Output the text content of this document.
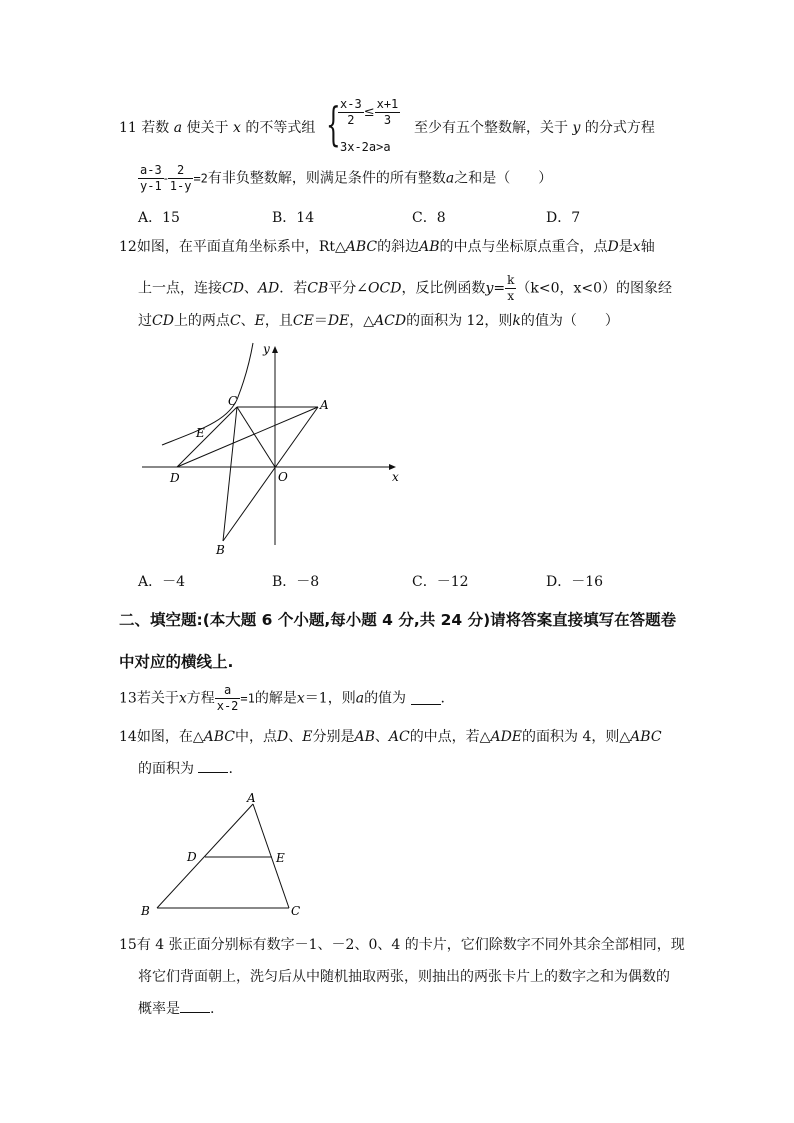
11 若数 a 使关于 x 的不等式组 {
$\frac{x-3}{2} \le \frac{x+1}{3}$
3x-2a>a
至少有五个整数解，关于 y 的分式方程
$\frac{a-3}{y-1} - \frac{2}{1-y} =2$有非负整数解，则满足条件的所有整数a之和是（　　）
A．15	B．14	C．8	D．7
12如图，在平面直角坐标系中，Rt△ABC的斜边AB的中点与坐标原点重合，点D是x轴
上一点，连接CD、AD．若CB平分∠OCD，反比例函数$y= \frac{k}{x} (k<0$，x<0）的图象经
过CD上的两点C、E，且CE＝DE，△ACD的面积为 12，则k的值为（　　）
y
x
C	A
E
D	O
B
A．－4	B．－8	C．－12	D．－16
二、填空题:(本大题 6 个小题,每小题 4 分,共 24 分)请将答案直接填写在答题卷
中对应的横线上.
13若关于x方程 $\frac{a}{x-2} =1$的解是x＝1，则a的值为 .
14如图，在△ABC中，点D、E分别是AB、AC的中点，若△ADE的面积为 4，则△ABC
的面积为 .
A
D	E
B	C
15有 4 张正面分别标有数字－1、－2、0、4 的卡片，它们除数字不同外其余全部相同，现
将它们背面朝上，洗匀后从中随机抽取两张，则抽出的两张卡片上的数字之和为偶数的
概率是 .
